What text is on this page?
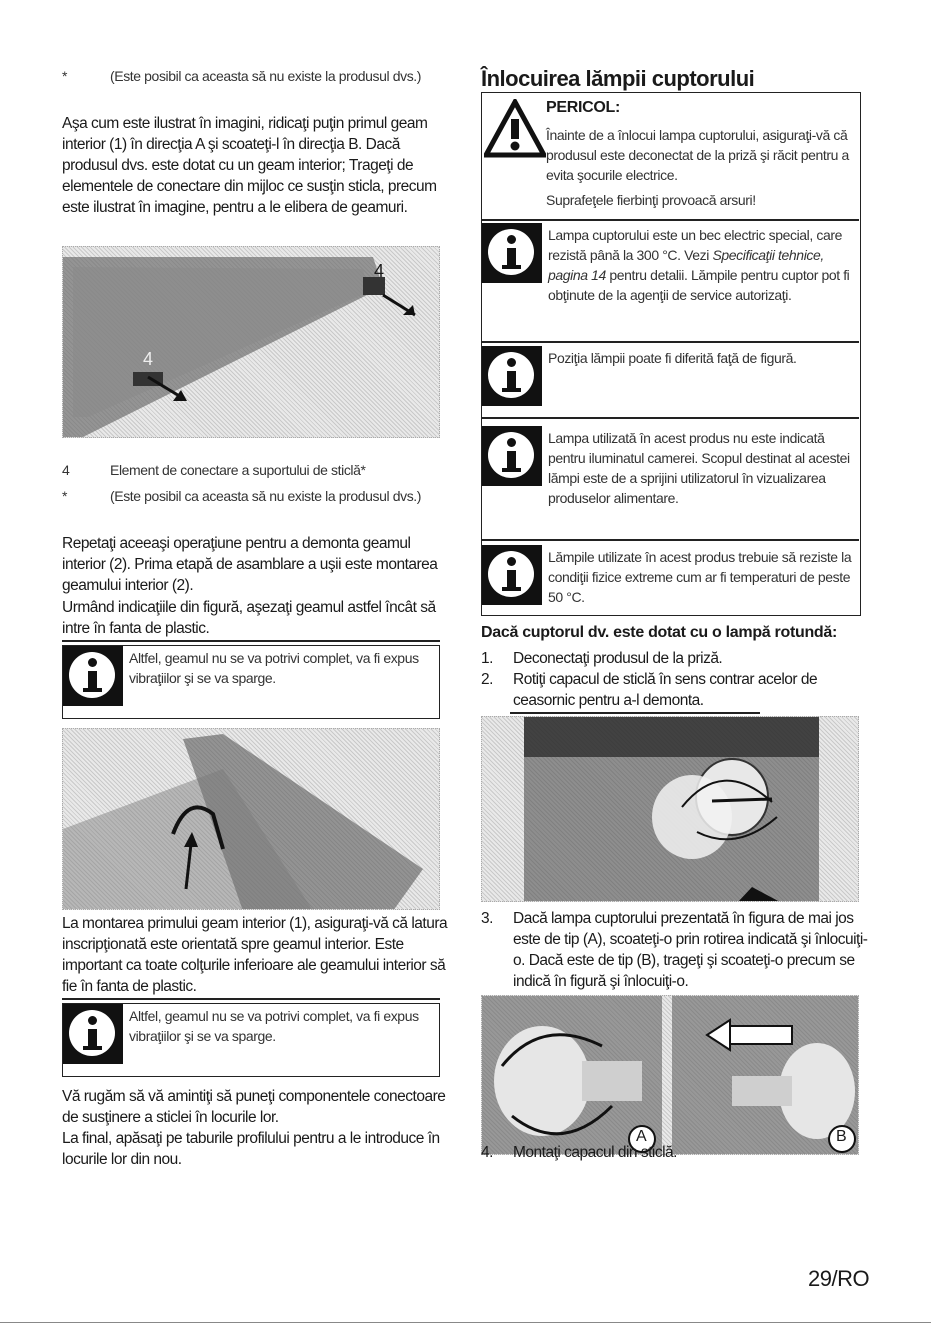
*	(Este posibil ca aceasta să nu existe la produsul dvs.)

Aşa cum este ilustrat în imagini, ridicaţi puţin primul geam interior (1) în direcţia A şi scoateţi-l în direcţia B. Dacă produsul dvs. este dotat cu un geam interior; Trageţi de elementele de conectare din mijloc ce susţin sticla, precum este ilustrat în imagine, pentru a le elibera de geamuri.

4
4
4	Element de conectare a suportului de sticlă*
*	(Este posibil ca aceasta să nu existe la produsul dvs.)

Repetaţi aceeaşi operaţiune pentru a demonta geamul interior (2). Prima etapă de asamblare a uşii este montarea geamului interior (2).

Urmând indicaţiile din figură, aşezaţi geamul astfel încât să intre în fanta de plastic.

Altfel, geamul nu se va potrivi complet, va fi expus vibraţiilor şi se va sparge.

La montarea primului geam interior (1), asiguraţi-vă că latura inscripţionată este orientată spre geamul interior. Este important ca toate colţurile inferioare ale geamului interior să fie în fanta de plastic.

Altfel, geamul nu se va potrivi complet, va fi expus vibraţiilor şi se va sparge.

Vă rugăm să vă amintiţi să puneţi componentele conectoare de susţinere a sticlei în locurile lor.

La final, apăsaţi pe taburile profilului pentru a le introduce în locurile lor din nou.

Înlocuirea lămpii cuptorului
PERICOL:
Înainte de a înlocui lampa cuptorului, asiguraţi-vă că produsul este deconectat de la priză şi răcit pentru a evita şocurile electrice.
Suprafeţele fierbinţi provoacă arsuri!
Lampa cuptorului este un bec electric special, care rezistă până la 300 °C. Vezi Specificaţii tehnice, pagina 14 pentru detalii. Lămpile pentru cuptor pot fi obţinute de la agenţii de service autorizaţi.
Poziţia lămpii poate fi diferită faţă de figură.
Lampa utilizată în acest produs nu este indicată pentru iluminatul camerei. Scopul destinat al acestei lămpi este de a sprijini utilizatorul în vizualizarea produselor alimentare.
Lămpile utilizate în acest produs trebuie să reziste la condiţii fizice extreme cum ar fi temperaturi de peste 50 °C.
Dacă cuptorul dv. este dotat cu o lampă rotundă:
1. Deconectaţi produsul de la priză.
2. Rotiţi capacul de sticlă în sens contrar acelor de ceasornic pentru a-l demonta.
3. Dacă lampa cuptorului prezentată în figura de mai jos este de tip (A), scoateţi-o prin rotirea indicată şi înlocuiţi-o. Dacă este de tip (B), trageţi şi scoateţi-o precum se indică în figură şi înlocuiţi-o.
A	B
4. Montaţi capacul din sticlă.
29/RO
